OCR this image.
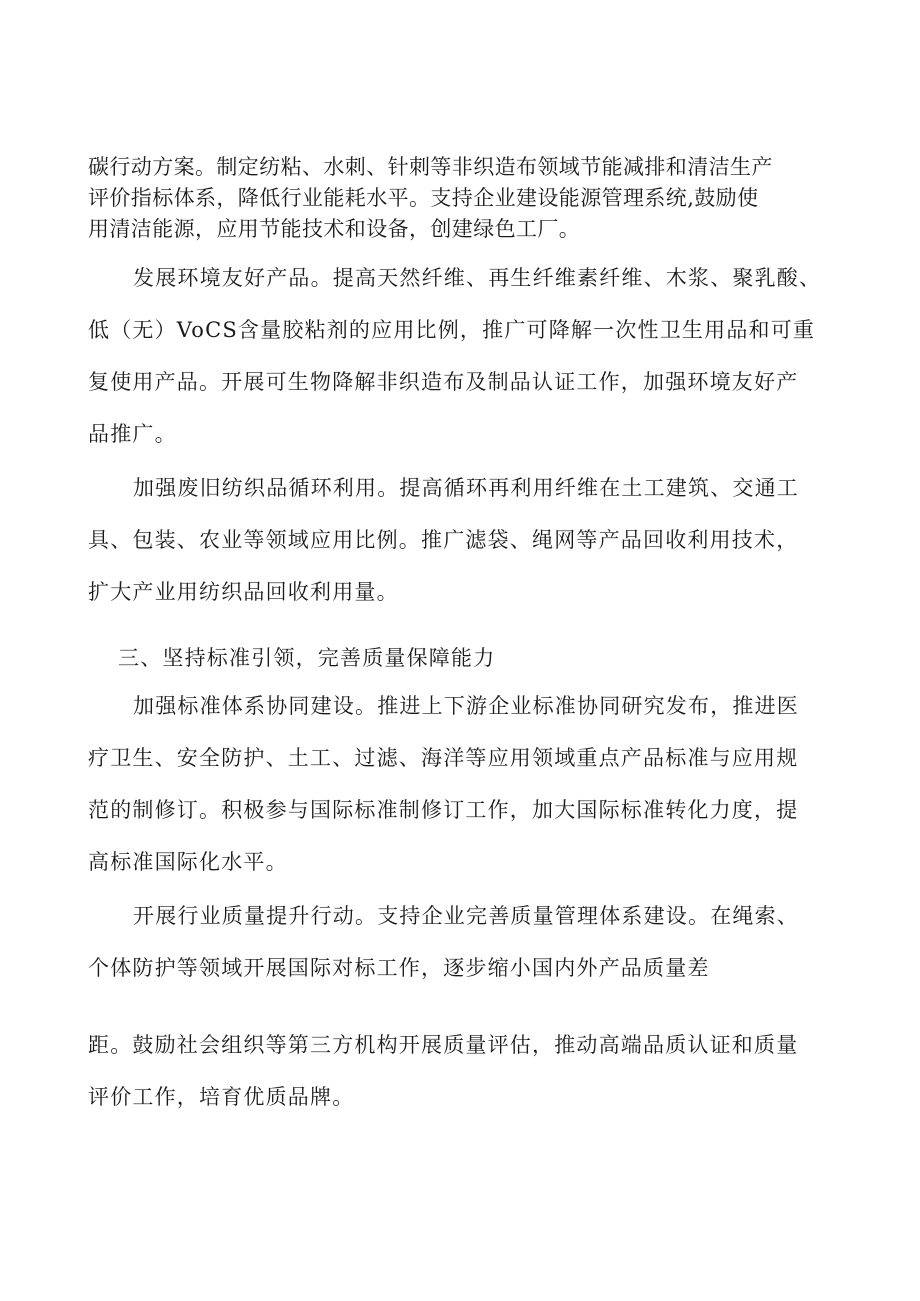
碳行动方案。制定纺粘、水刺、针刺等非织造布领域节能减排和清洁生产
评价指标体系，降低行业能耗水平。支持企业建设能源管理系统,鼓励使
用清洁能源，应用节能技术和设备，创建绿色工厂。
发展环境友好产品。提高天然纤维、再生纤维素纤维、木浆、聚乳酸、
低（无）VoCS含量胶粘剂的应用比例，推广可降解一次性卫生用品和可重
复使用产品。开展可生物降解非织造布及制品认证工作，加强环境友好产
品推广。
加强废旧纺织品循环利用。提高循环再利用纤维在土工建筑、交通工
具、包装、农业等领域应用比例。推广滤袋、绳网等产品回收利用技术，
扩大产业用纺织品回收利用量。
三、坚持标准引领，完善质量保障能力
加强标准体系协同建设。推进上下游企业标准协同研究发布，推进医
疗卫生、安全防护、土工、过滤、海洋等应用领域重点产品标准与应用规
范的制修订。积极参与国际标准制修订工作，加大国际标准转化力度，提
高标准国际化水平。
开展行业质量提升行动。支持企业完善质量管理体系建设。在绳索、
个体防护等领域开展国际对标工作，逐步缩小国内外产品质量差
距。鼓励社会组织等第三方机构开展质量评估，推动高端品质认证和质量
评价工作，培育优质品牌。
